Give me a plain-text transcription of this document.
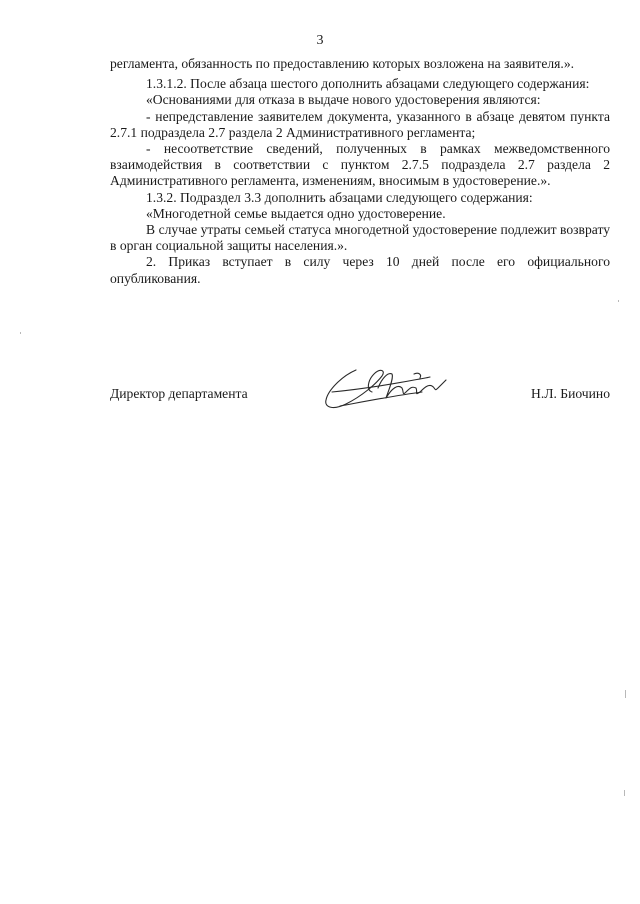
3

регламента, обязанность по предоставлению которых возложена на заявителя.».

1.3.1.2. После абзаца шестого дополнить абзацами следующего содержания:

«Основаниями для отказа в выдаче нового удостоверения являются:

- непредставление заявителем документа, указанного в абзаце девятом пункта 2.7.1 подраздела 2.7 раздела 2 Административного регламента;

- несоответствие сведений, полученных в рамках межведомственного взаимодействия в соответствии с пунктом 2.7.5 подраздела 2.7 раздела 2 Административного регламента, изменениям, вносимым в удостоверение.».

1.3.2. Подраздел 3.3 дополнить абзацами следующего содержания:

«Многодетной семье выдается одно удостоверение.

В случае утраты семьей статуса многодетной удостоверение подлежит возврату в орган социальной защиты населения.».

2. Приказ вступает в силу через 10 дней после его официального опубликования.

Директор департамента	Н.Л. Биочино
